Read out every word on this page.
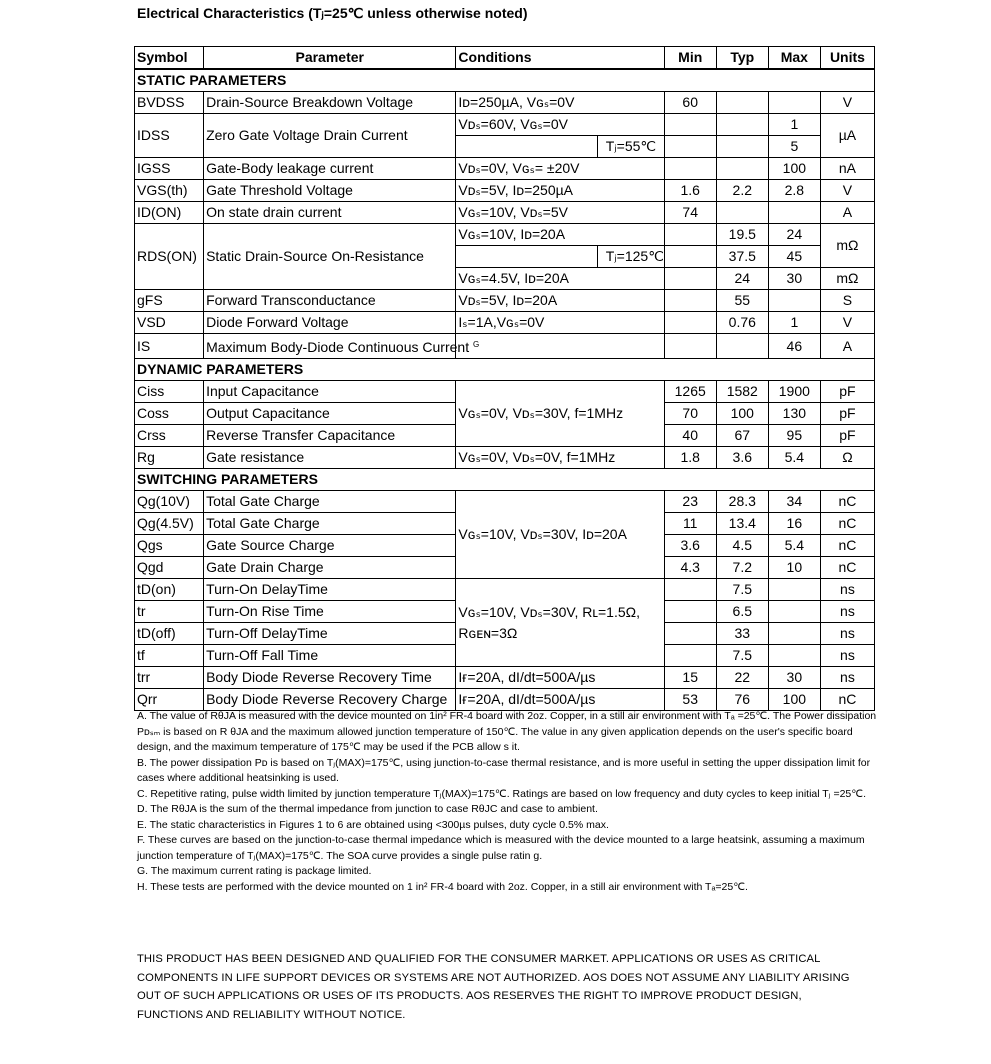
Electrical Characteristics (Tⱼ=25℃ unless otherwise noted)
Symbol	Parameter	Conditions	Min	Typ	Max	Units
STATIC PARAMETERS						
BVDSS	Drain-Source Breakdown Voltage	Iᴅ=250µA, Vɢₛ=0V	60			V
IDSS	Zero Gate Voltage Drain Current	Vᴅₛ=60V, Vɢₛ=0V			1	µA

		Tⱼ=55℃			5	
IGSS	Gate-Body leakage current	Vᴅₛ=0V, Vɢₛ= ±20V			100	nA
VGS(th)	Gate Threshold Voltage	Vᴅₛ=5V, Iᴅ=250µA	1.6	2.2	2.8	V
ID(ON)	On state drain current	Vɢₛ=10V, Vᴅₛ=5V	74			A
RDS(ON)	Static Drain-Source On-Resistance	Vɢₛ=10V, Iᴅ=20A		19.5	24	mΩ

		Tⱼ=125℃		37.5	45	
		Vɢₛ=4.5V, Iᴅ=20A		24	30	mΩ
gFS	Forward Transconductance	Vᴅₛ=5V, Iᴅ=20A		55		S
VSD	Diode Forward Voltage	Iₛ=1A,Vɢₛ=0V		0.76	1	V
IS	Maximum Body-Diode Continuous Current $^G$				46	A
DYNAMIC PARAMETERS						
Ciss	Input Capacitance	Vɢₛ=0V, Vᴅₛ=30V, f=1MHz	1265	1582	1900	pF
Coss	Output Capacitance		70	100	130	pF
Crss	Reverse Transfer Capacitance		40	67	95	pF
Rg	Gate resistance	Vɢₛ=0V, Vᴅₛ=0V, f=1MHz	1.8	3.6	5.4	Ω
SWITCHING PARAMETERS						
Qg(10V)	Total Gate Charge	Vɢₛ=10V, Vᴅₛ=30V, Iᴅ=20A	23	28.3	34	nC
Qg(4.5V)	Total Gate Charge		11	13.4	16	nC
Qgs	Gate Source Charge		3.6	4.5	5.4	nC
Qgd	Gate Drain Charge		4.3	7.2	10	nC
tD(on)	Turn-On DelayTime	Vɢₛ=10V, Vᴅₛ=30V, Rʟ=1.5Ω, Rɢᴇɴ=3Ω		7.5		ns
tr	Turn-On Rise Time			6.5		ns
tD(off)	Turn-Off DelayTime			33		ns
tf	Turn-Off Fall Time			7.5		ns
trr	Body Diode Reverse Recovery Time	Iғ=20A, dI/dt=500A/µs	15	22	30	ns
Qrr	Body Diode Reverse Recovery Charge	Iғ=20A, dI/dt=500A/µs	53	76	100	nC

A. The value of RθJA is measured with the device mounted on 1in² FR-4 board with 2oz. Copper, in a still air environment with Tₐ =25℃. The Power dissipation Pᴅₛₘ is based on R θJA and the maximum allowed junction temperature of 150℃. The value in any given application depends on the user's specific board design, and the maximum temperature of 175℃ may be used if the PCB allow s it.

B. The power dissipation Pᴅ is based on Tⱼ(MAX)=175℃, using junction-to-case thermal resistance, and is more useful in setting the upper dissipation limit for cases where additional heatsinking is used.

C. Repetitive rating, pulse width limited by junction temperature Tⱼ(MAX)=175℃. Ratings are based on low frequency and duty cycles to keep initial Tⱼ =25℃.

D. The RθJA is the sum of the thermal impedance from junction to case RθJC and case to ambient.

E. The static characteristics in Figures 1 to 6 are obtained using <300µs pulses, duty cycle 0.5% max.

F. These curves are based on the junction-to-case thermal impedance which is measured with the device mounted to a large heatsink, assuming a maximum junction temperature of Tⱼ(MAX)=175℃. The SOA curve provides a single pulse ratin g.

G. The maximum current rating is package limited.

H. These tests are performed with the device mounted on 1 in² FR-4 board with 2oz. Copper, in a still air environment with Tₐ=25℃.

THIS PRODUCT HAS BEEN DESIGNED AND QUALIFIED FOR THE CONSUMER MARKET. APPLICATIONS OR USES AS CRITICAL COMPONENTS IN LIFE SUPPORT DEVICES OR SYSTEMS ARE NOT AUTHORIZED. AOS DOES NOT ASSUME ANY LIABILITY ARISING OUT OF SUCH APPLICATIONS OR USES OF ITS PRODUCTS. AOS RESERVES THE RIGHT TO IMPROVE PRODUCT DESIGN, FUNCTIONS AND RELIABILITY WITHOUT NOTICE.
